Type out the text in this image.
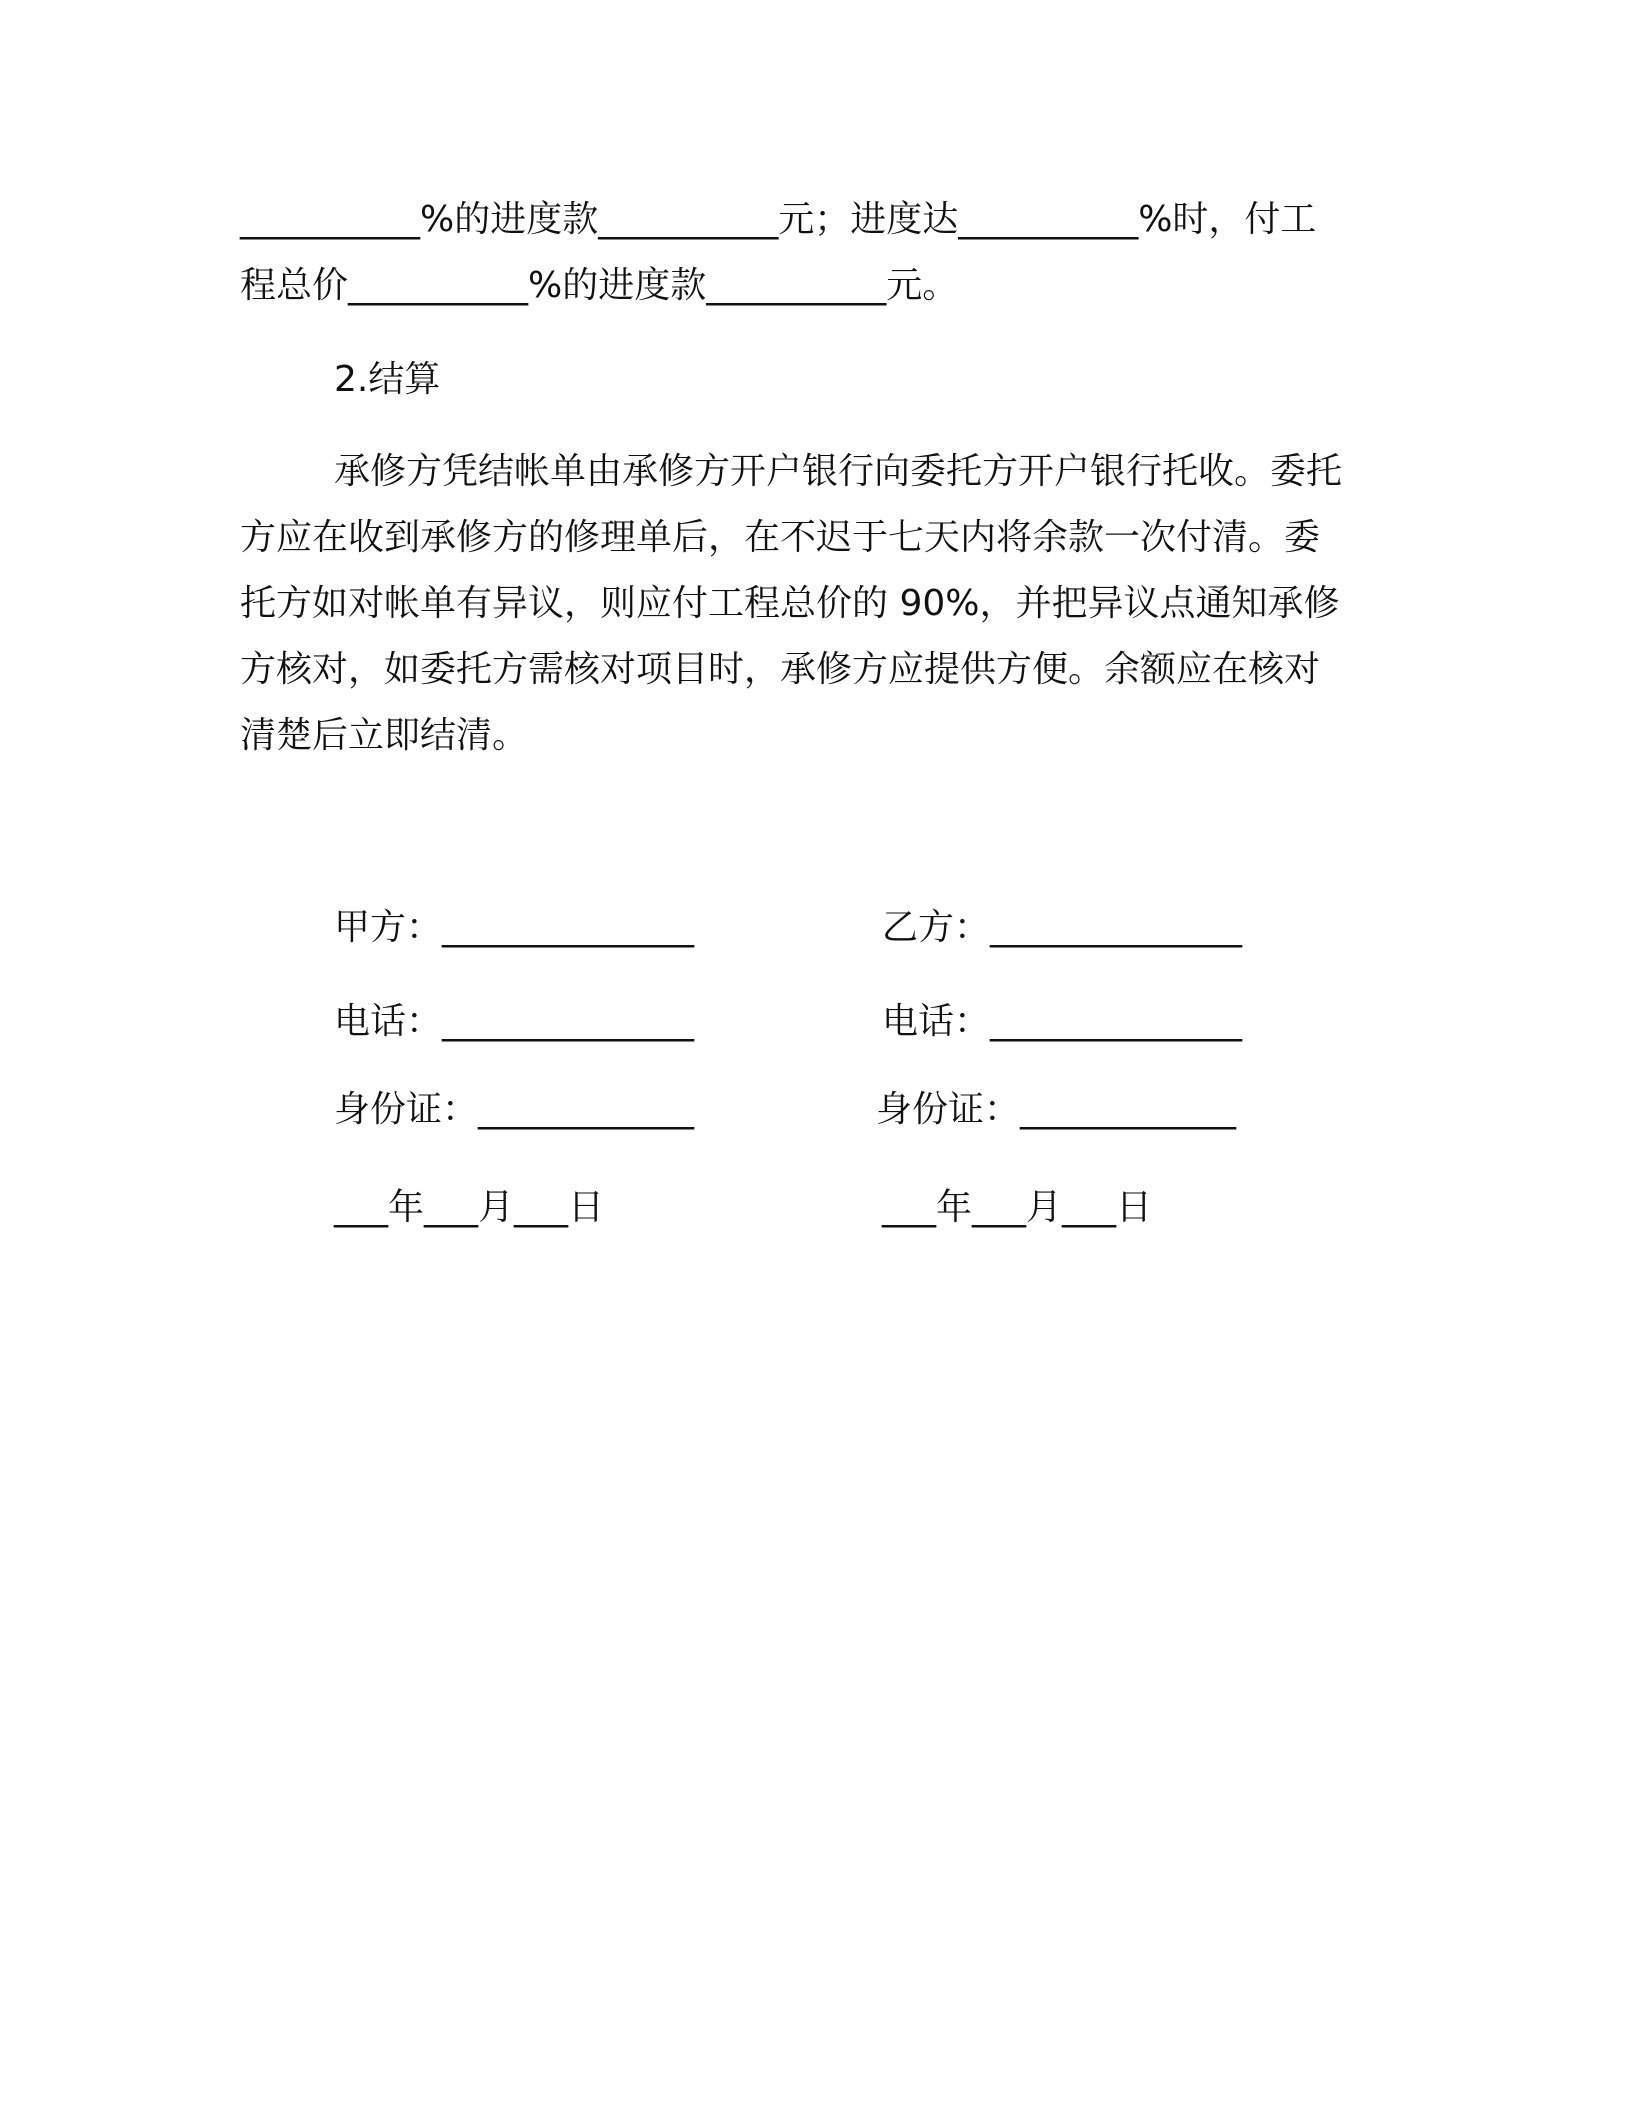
__________%的进度款__________元；进度达__________%时，付工
程总价__________%的进度款__________元。
2.结算
承修方凭结帐单由承修方开户银行向委托方开户银行托收。委托
方应在收到承修方的修理单后，在不迟于七天内将余款一次付清。委
托方如对帐单有异议，则应付工程总价的 90%，并把异议点通知承修
方核对，如委托方需核对项目时，承修方应提供方便。余额应在核对
清楚后立即结清。
甲方：______________
电话：______________
身份证：____________
___年___月___日
乙方：______________
电话：______________
身份证：____________
___年___月___日
